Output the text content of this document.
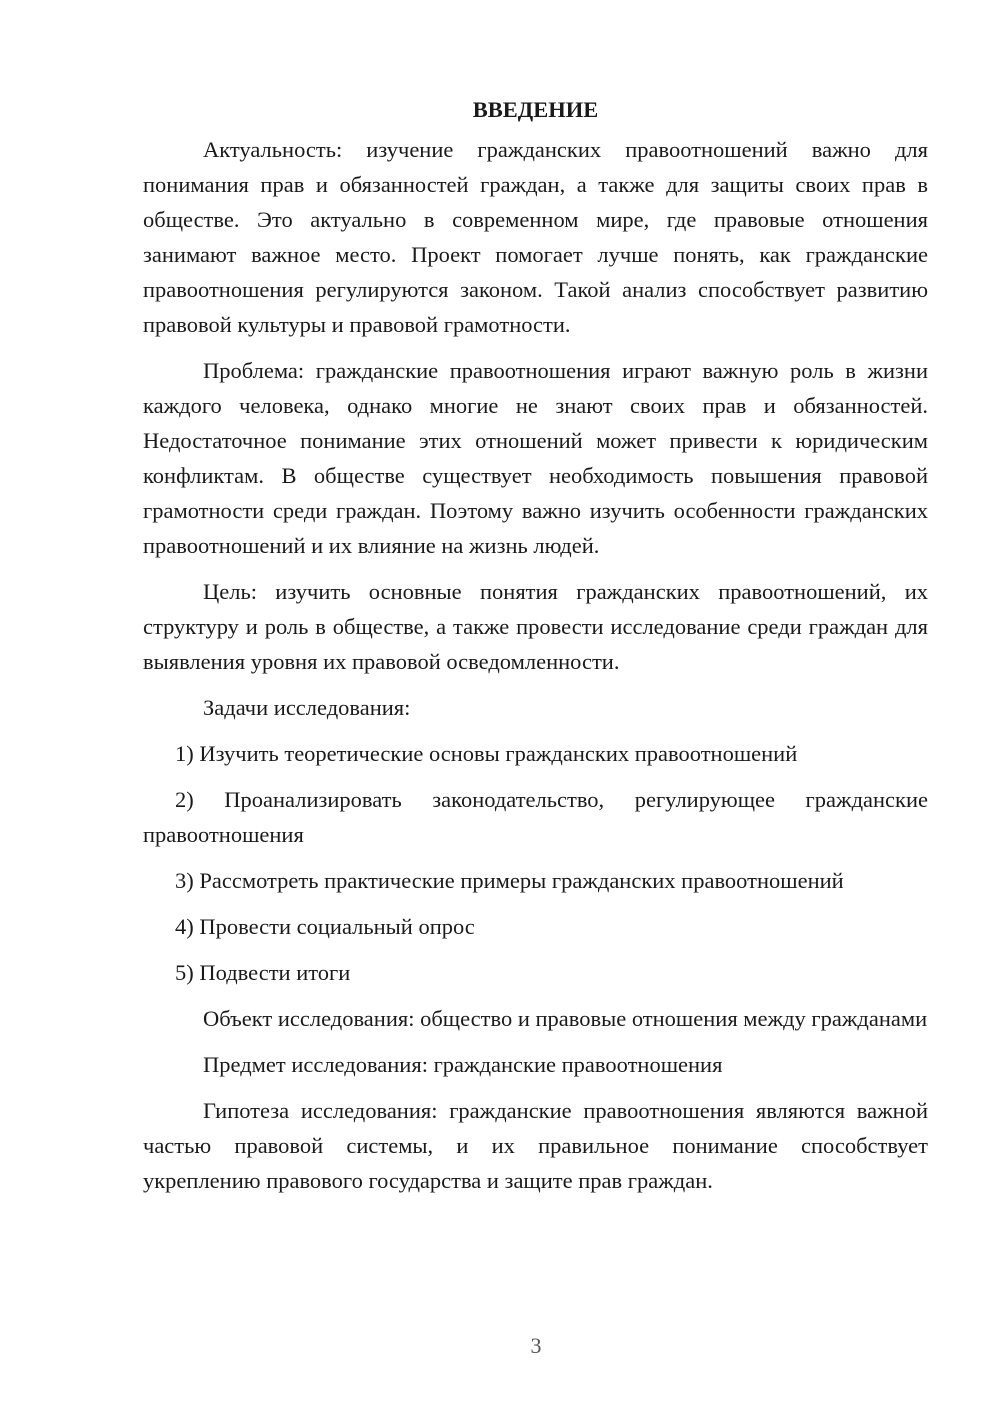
ВВЕДЕНИЕ

Актуальность: изучение гражданских правоотношений важно для понимания прав и обязанностей граждан, а также для защиты своих прав в обществе. Это актуально в современном мире, где правовые отношения занимают важное место. Проект помогает лучше понять, как гражданские правоотношения регулируются законом. Такой анализ способствует развитию правовой культуры и правовой грамотности.

Проблема: гражданские правоотношения играют важную роль в жизни каждого человека, однако многие не знают своих прав и обязанностей. Недостаточное понимание этих отношений может привести к юридическим конфликтам. В обществе существует необходимость повышения правовой грамотности среди граждан. Поэтому важно изучить особенности гражданских правоотношений и их влияние на жизнь людей.

Цель: изучить основные понятия гражданских правоотношений, их структуру и роль в обществе, а также провести исследование среди граждан для выявления уровня их правовой осведомленности.

Задачи исследования:

1) Изучить теоретические основы гражданских правоотношений
2) Проанализировать законодательство, регулирующее гражданские правоотношения
3) Рассмотреть практические примеры гражданских правоотношений
4) Провести социальный опрос
5) Подвести итоги

Объект исследования: общество и правовые отношения между гражданами

Предмет исследования: гражданские правоотношения

Гипотеза исследования: гражданские правоотношения являются важной частью правовой системы, и их правильное понимание способствует укреплению правового государства и защите прав граждан.

3
